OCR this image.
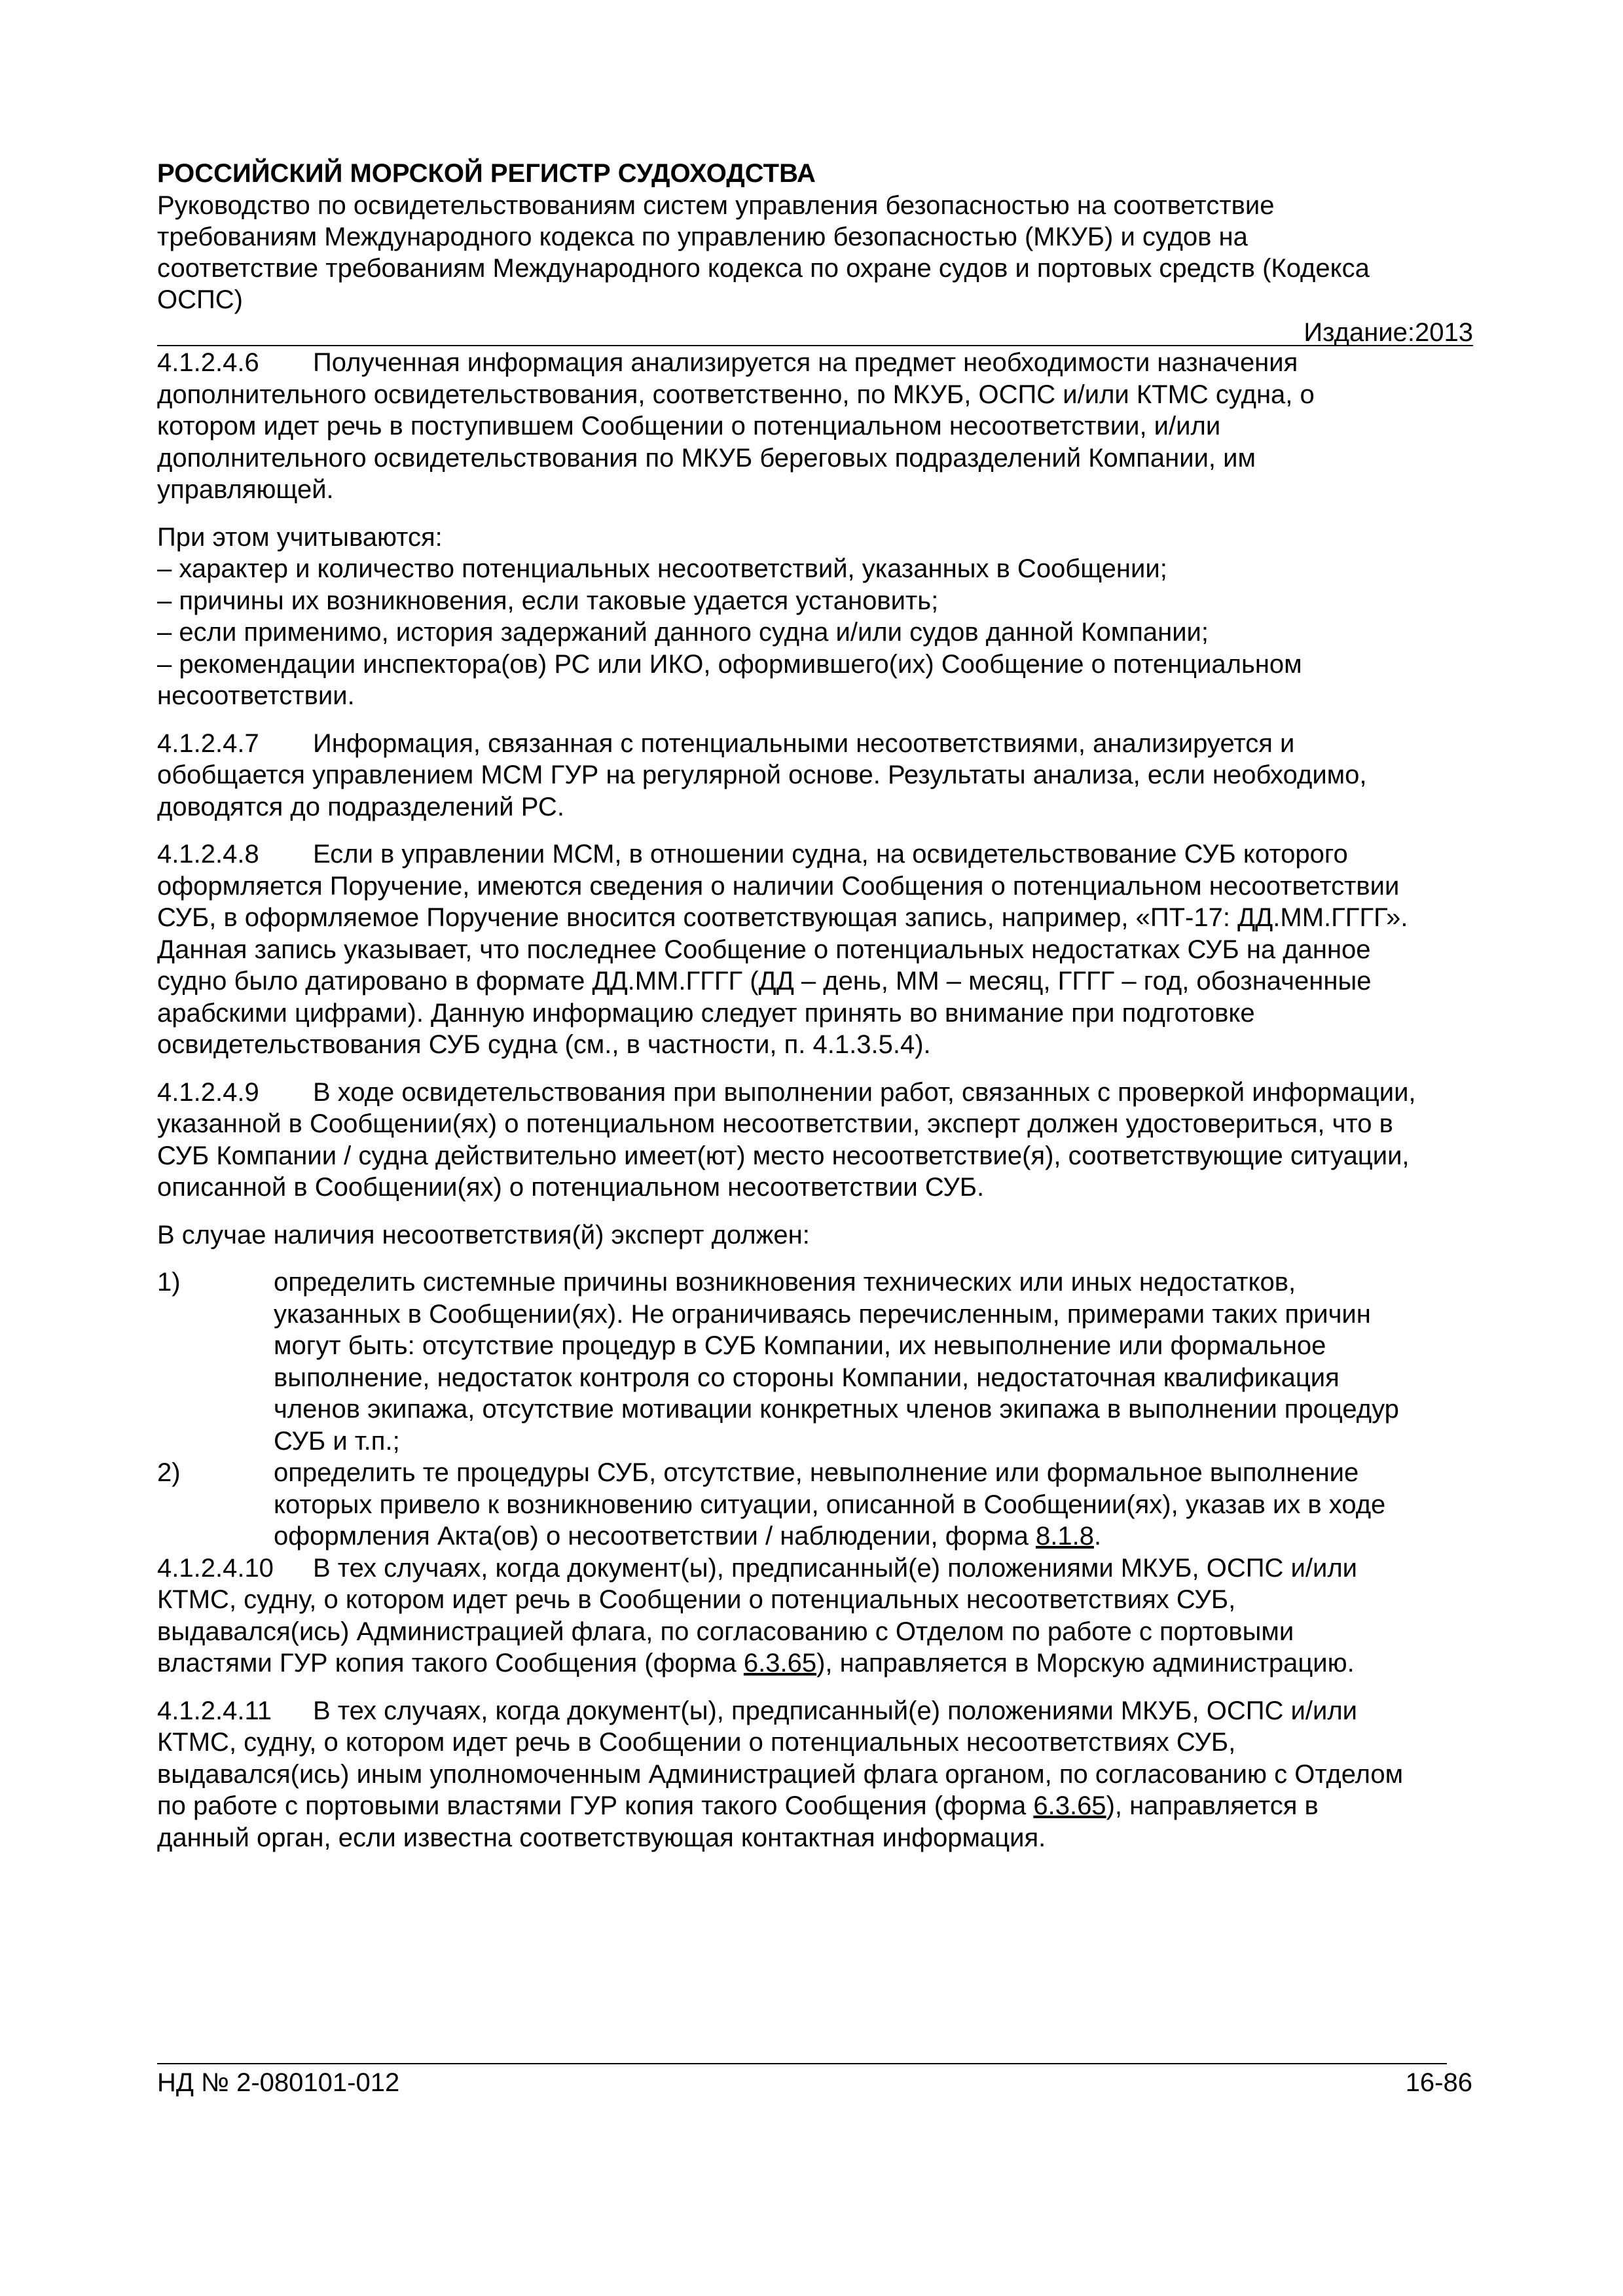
РОССИЙСКИЙ МОРСКОЙ РЕГИСТР СУДОХОДСТВА
Руководство по освидетельствованиям систем управления безопасностью на соответствие
требованиям Международного кодекса по управлению безопасностью (МКУБ) и судов на
соответствие требованиям Международного кодекса по охране судов и портовых средств (Кодекса
ОСПС)
Издание:2013
4.1.2.4.6 Полученная информация анализируется на предмет необходимости назначения
дополнительного освидетельствования, соответственно, по МКУБ, ОСПС и/или КТМС судна, о
котором идет речь в поступившем Сообщении о потенциальном несоответствии, и/или
дополнительного освидетельствования по МКУБ береговых подразделений Компании, им
управляющей.
При этом учитываются:
– характер и количество потенциальных несоответствий, указанных в Сообщении;
– причины их возникновения, если таковые удается установить;
– если применимо, история задержаний данного судна и/или судов данной Компании;
– рекомендации инспектора(ов) РС или ИКО, оформившего(их) Сообщение о потенциальном
несоответствии.
4.1.2.4.7 Информация, связанная с потенциальными несоответствиями, анализируется и
обобщается управлением МСМ ГУР на регулярной основе. Результаты анализа, если необходимо,
доводятся до подразделений РС.
4.1.2.4.8 Если в управлении МСМ, в отношении судна, на освидетельствование СУБ которого
оформляется Поручение, имеются сведения о наличии Сообщения о потенциальном несоответствии
СУБ, в оформляемое Поручение вносится соответствующая запись, например, «ПТ-17: ДД.ММ.ГГГГ».
Данная запись указывает, что последнее Сообщение о потенциальных недостатках СУБ на данное
судно было датировано в формате ДД.ММ.ГГГГ (ДД – день, ММ – месяц, ГГГГ – год, обозначенные
арабскими цифрами). Данную информацию следует принять во внимание при подготовке
освидетельствования СУБ судна (см., в частности, п. 4.1.3.5.4).
4.1.2.4.9 В ходе освидетельствования при выполнении работ, связанных с проверкой информации,
указанной в Сообщении(ях) о потенциальном несоответствии, эксперт должен удостовериться, что в
СУБ Компании / судна действительно имеет(ют) место несоответствие(я), соответствующие ситуации,
описанной в Сообщении(ях) о потенциальном несоответствии СУБ.
В случае наличия несоответствия(й) эксперт должен:
1)	определить системные причины возникновения технических или иных недостатков,
указанных в Сообщении(ях). Не ограничиваясь перечисленным, примерами таких причин
могут быть: отсутствие процедур в СУБ Компании, их невыполнение или формальное
выполнение, недостаток контроля со стороны Компании, недостаточная квалификация
членов экипажа, отсутствие мотивации конкретных членов экипажа в выполнении процедур
СУБ и т.п.;
2)	определить те процедуры СУБ, отсутствие, невыполнение или формальное выполнение
которых привело к возникновению ситуации, описанной в Сообщении(ях), указав их в ходе
оформления Акта(ов) о несоответствии / наблюдении, форма 8.1.8.
4.1.2.4.10 В тех случаях, когда документ(ы), предписанный(е) положениями МКУБ, ОСПС и/или
КТМС, судну, о котором идет речь в Сообщении о потенциальных несоответствиях СУБ,
выдавался(ись) Администрацией флага, по согласованию с Отделом по работе с портовыми
властями ГУР копия такого Сообщения (форма 6.3.65), направляется в Морскую администрацию.
4.1.2.4.11 В тех случаях, когда документ(ы), предписанный(е) положениями МКУБ, ОСПС и/или
КТМС, судну, о котором идет речь в Сообщении о потенциальных несоответствиях СУБ,
выдавался(ись) иным уполномоченным Администрацией флага органом, по согласованию с Отделом
по работе с портовыми властями ГУР копия такого Сообщения (форма 6.3.65), направляется в
данный орган, если известна соответствующая контактная информация.
НД № 2-080101-012	16-86
